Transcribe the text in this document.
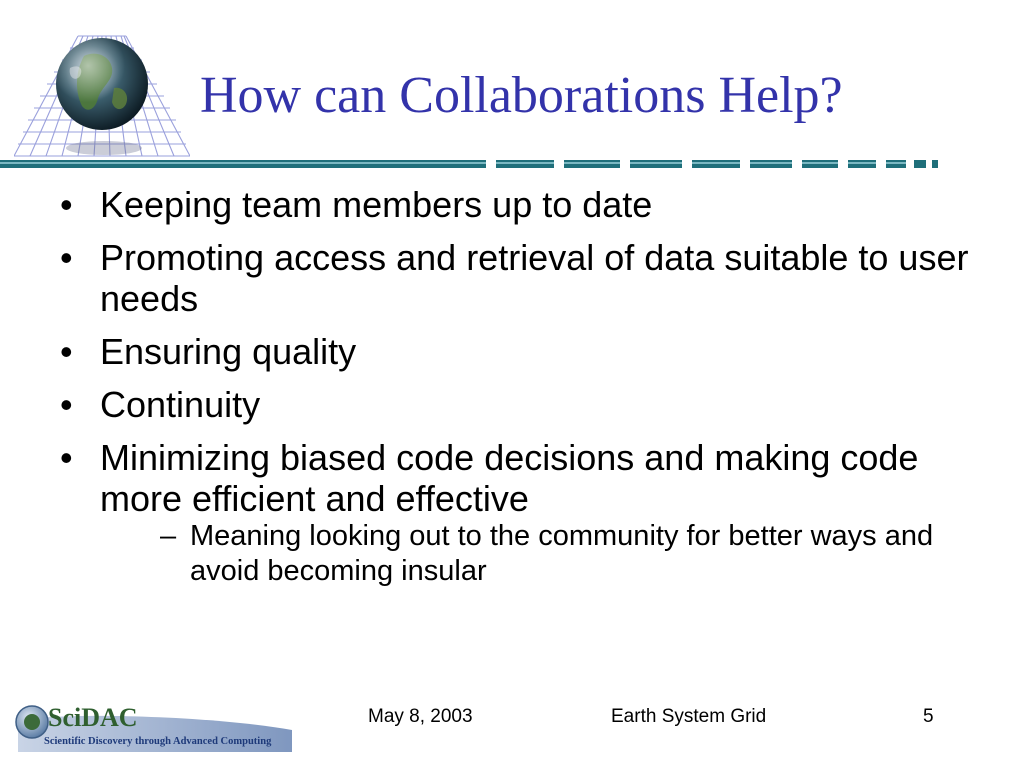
How can Collaborations Help?
• Keeping team members up to date
• Promoting access and retrieval of data suitable to user needs
• Ensuring quality
• Continuity
• Minimizing biased code decisions and making code more efficient and effective
– Meaning looking out to the community for better ways and avoid becoming insular
SciDAC
Scientific Discovery through Advanced Computing
May 8, 2003	Earth System Grid	5
